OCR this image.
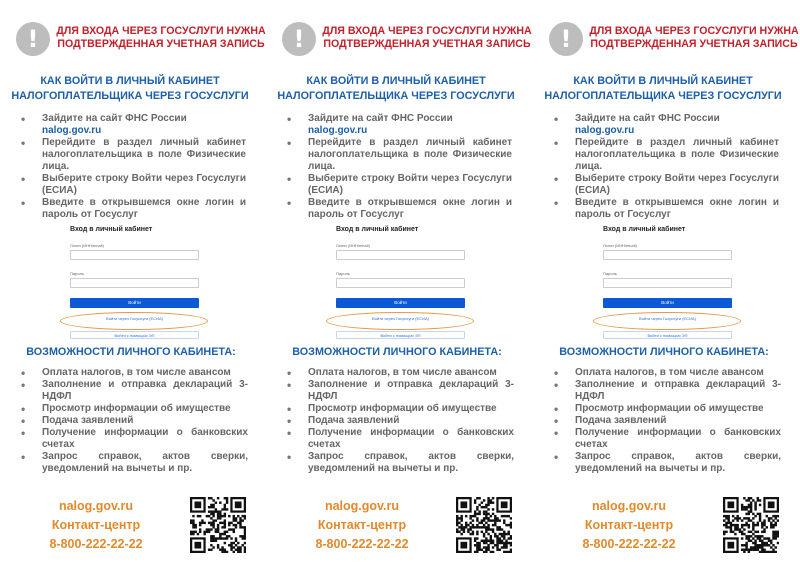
!	ДЛЯ ВХОДА ЧЕРЕЗ ГОСУСЛУГИ НУЖНА
ПОДТВЕРЖДЕННАЯ УЧЕТНАЯ ЗАПИСЬ
КАК ВОЙТИ В ЛИЧНЫЙ КАБИНЕТ
НАЛОГОПЛАТЕЛЬЩИКА ЧЕРЕЗ ГОСУСЛУГИ
• Зайдите на сайт ФНС России
nalog.gov.ru
• Перейдите в раздел личный кабинет налогоплательщика в поле Физические лица.
• Выберите строку Войти через Госуслуги (ЕСИА)
• Введите в открывшемся окне логин и пароль от Госуслуг
Вход в личный кабинет
Логин (ИНН/email)
Пароль
Войти
Войти через Госуслуги (ЕСИА)
Войти с помощью ЭП
ВОЗМОЖНОСТИ ЛИЧНОГО КАБИНЕТА:
• Оплата налогов, в том числе авансом
• Заполнение и отправка деклараций 3-НДФЛ
• Просмотр информации об имуществе
• Подача заявлений
• Получение информации о банковских счетах
• Запрос справок, актов сверки, уведомлений на вычеты и пр.
nalog.gov.ru
Контакт-центр
8-800-222-22-22
!	ДЛЯ ВХОДА ЧЕРЕЗ ГОСУСЛУГИ НУЖНА
ПОДТВЕРЖДЕННАЯ УЧЕТНАЯ ЗАПИСЬ
КАК ВОЙТИ В ЛИЧНЫЙ КАБИНЕТ
НАЛОГОПЛАТЕЛЬЩИКА ЧЕРЕЗ ГОСУСЛУГИ
• Зайдите на сайт ФНС России
nalog.gov.ru
• Перейдите в раздел личный кабинет налогоплательщика в поле Физические лица.
• Выберите строку Войти через Госуслуги (ЕСИА)
• Введите в открывшемся окне логин и пароль от Госуслуг
Вход в личный кабинет
Логин (ИНН/email)
Пароль
Войти
Войти через Госуслуги (ЕСИА)
Войти с помощью ЭП
ВОЗМОЖНОСТИ ЛИЧНОГО КАБИНЕТА:
• Оплата налогов, в том числе авансом
• Заполнение и отправка деклараций 3-НДФЛ
• Просмотр информации об имуществе
• Подача заявлений
• Получение информации о банковских счетах
• Запрос справок, актов сверки, уведомлений на вычеты и пр.
nalog.gov.ru
Контакт-центр
8-800-222-22-22
!	ДЛЯ ВХОДА ЧЕРЕЗ ГОСУСЛУГИ НУЖНА
ПОДТВЕРЖДЕННАЯ УЧЕТНАЯ ЗАПИСЬ
КАК ВОЙТИ В ЛИЧНЫЙ КАБИНЕТ
НАЛОГОПЛАТЕЛЬЩИКА ЧЕРЕЗ ГОСУСЛУГИ
• Зайдите на сайт ФНС России
nalog.gov.ru
• Перейдите в раздел личный кабинет налогоплательщика в поле Физические лица.
• Выберите строку Войти через Госуслуги (ЕСИА)
• Введите в открывшемся окне логин и пароль от Госуслуг
Вход в личный кабинет
Логин (ИНН/email)
Пароль
Войти
Войти через Госуслуги (ЕСИА)
Войти с помощью ЭП
ВОЗМОЖНОСТИ ЛИЧНОГО КАБИНЕТА:
• Оплата налогов, в том числе авансом
• Заполнение и отправка деклараций 3-НДФЛ
• Просмотр информации об имуществе
• Подача заявлений
• Получение информации о банковских счетах
• Запрос справок, актов сверки, уведомлений на вычеты и пр.
nalog.gov.ru
Контакт-центр
8-800-222-22-22
